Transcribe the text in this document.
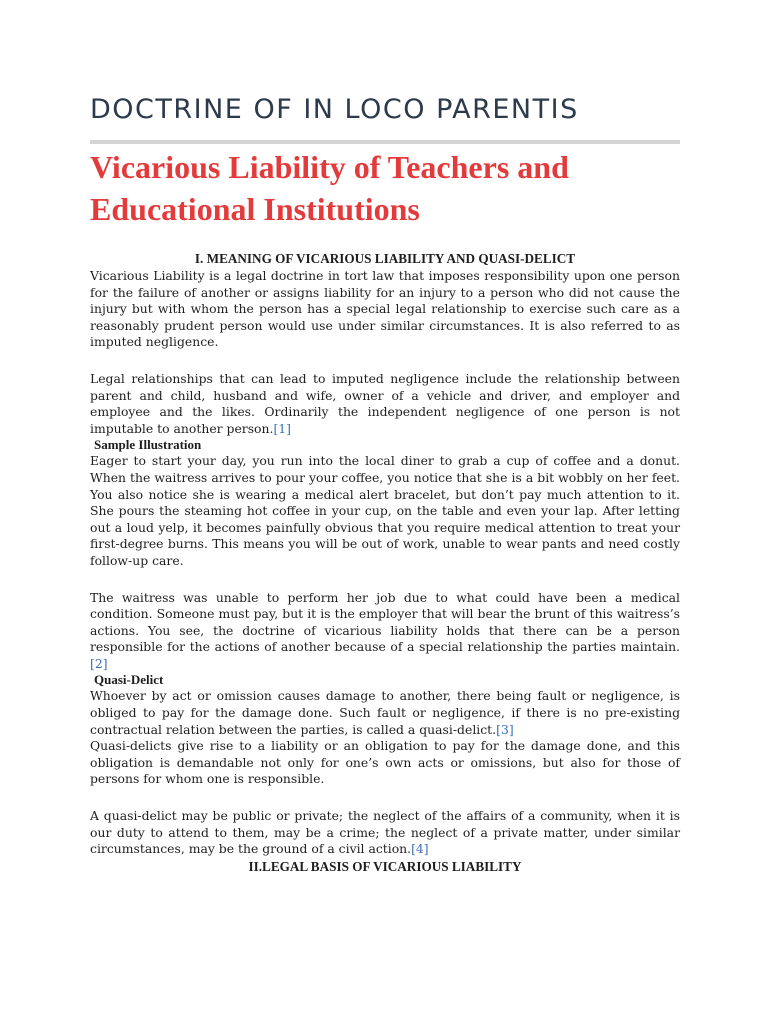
DOCTRINE OF IN LOCO PARENTIS
Vicarious Liability of Teachers and
Educational Institutions

I. MEANING OF VICARIOUS LIABILITY AND QUASI-DELICT

Vicarious Liability is a legal doctrine in tort law that imposes responsibility upon one person for the failure of another or assigns liability for an injury to a person who did not cause the injury but with whom the person has a special legal relationship to exercise such care as a reasonably prudent person would use under similar circumstances. It is also referred to as imputed negligence.

Legal relationships that can lead to imputed negligence include the relationship between parent and child, husband and wife, owner of a vehicle and driver, and employer and employee and the likes. Ordinarily the independent negligence of one person is not imputable to another person.[1]

Sample Illustration

Eager to start your day, you run into the local diner to grab a cup of coffee and a donut. When the waitress arrives to pour your coffee, you notice that she is a bit wobbly on her feet. You also notice she is wearing a medical alert bracelet, but don’t pay much attention to it. She pours the steaming hot coffee in your cup, on the table and even your lap. After letting out a loud yelp, it becomes painfully obvious that you require medical attention to treat your first-degree burns. This means you will be out of work, unable to wear pants and need costly follow-up care.

The waitress was unable to perform her job due to what could have been a medical condition. Someone must pay, but it is the employer that will bear the brunt of this waitress’s actions. You see, the doctrine of vicarious liability holds that there can be a person responsible for the actions of another because of a special relationship the parties maintain.[2]

Quasi-Delict

Whoever by act or omission causes damage to another, there being fault or negligence, is obliged to pay for the damage done. Such fault or negligence, if there is no pre-existing contractual relation between the parties, is called a quasi-delict.[3]

Quasi-delicts give rise to a liability or an obligation to pay for the damage done, and this obligation is demandable not only for one’s own acts or omissions, but also for those of persons for whom one is responsible.

A quasi-delict may be public or private; the neglect of the affairs of a community, when it is our duty to attend to them, may be a crime; the neglect of a private matter, under similar circumstances, may be the ground of a civil action.[4]

II.LEGAL BASIS OF VICARIOUS LIABILITY
